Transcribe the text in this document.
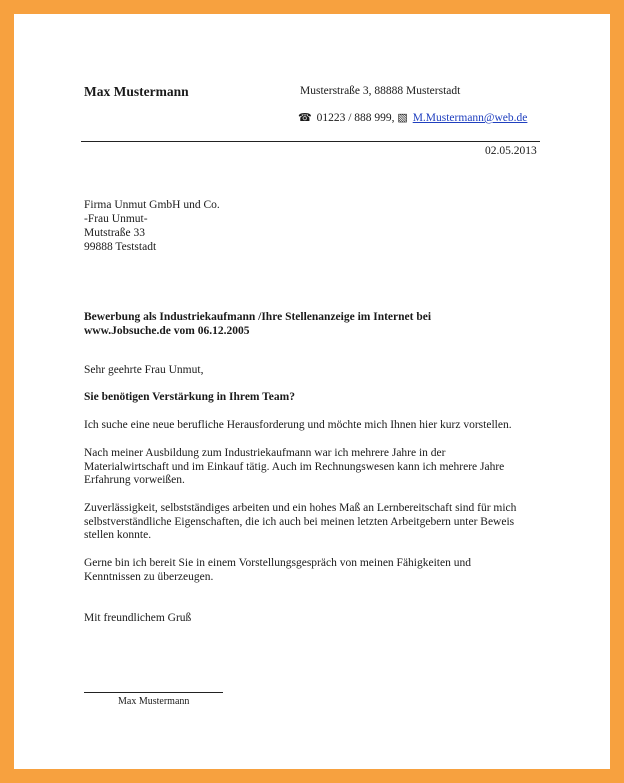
Max Mustermann	Musterstraße 3, 88888 Musterstadt
☎ 01223 / 888 999, ▧ M.Mustermann@web.de
02.05.2013
Firma Unmut GmbH und Co.
-Frau Unmut-
Mutstraße 33
99888 Teststadt
Bewerbung als Industriekaufmann /Ihre Stellenanzeige im Internet bei
www.Jobsuche.de vom 06.12.2005
Sehr geehrte Frau Unmut,
Sie benötigen Verstärkung in Ihrem Team?
Ich suche eine neue berufliche Herausforderung und möchte mich Ihnen hier kurz vorstellen.
Nach meiner Ausbildung zum Industriekaufmann war ich mehrere Jahre in der
Materialwirtschaft und im Einkauf tätig. Auch im Rechnungswesen kann ich mehrere Jahre
Erfahrung vorweißen.
Zuverlässigkeit, selbstständiges arbeiten und ein hohes Maß an Lernbereitschaft sind für mich
selbstverständliche Eigenschaften, die ich auch bei meinen letzten Arbeitgebern unter Beweis
stellen konnte.
Gerne bin ich bereit Sie in einem Vorstellungsgespräch von meinen Fähigkeiten und
Kenntnissen zu überzeugen.
Mit freundlichem Gruß
Max Mustermann
